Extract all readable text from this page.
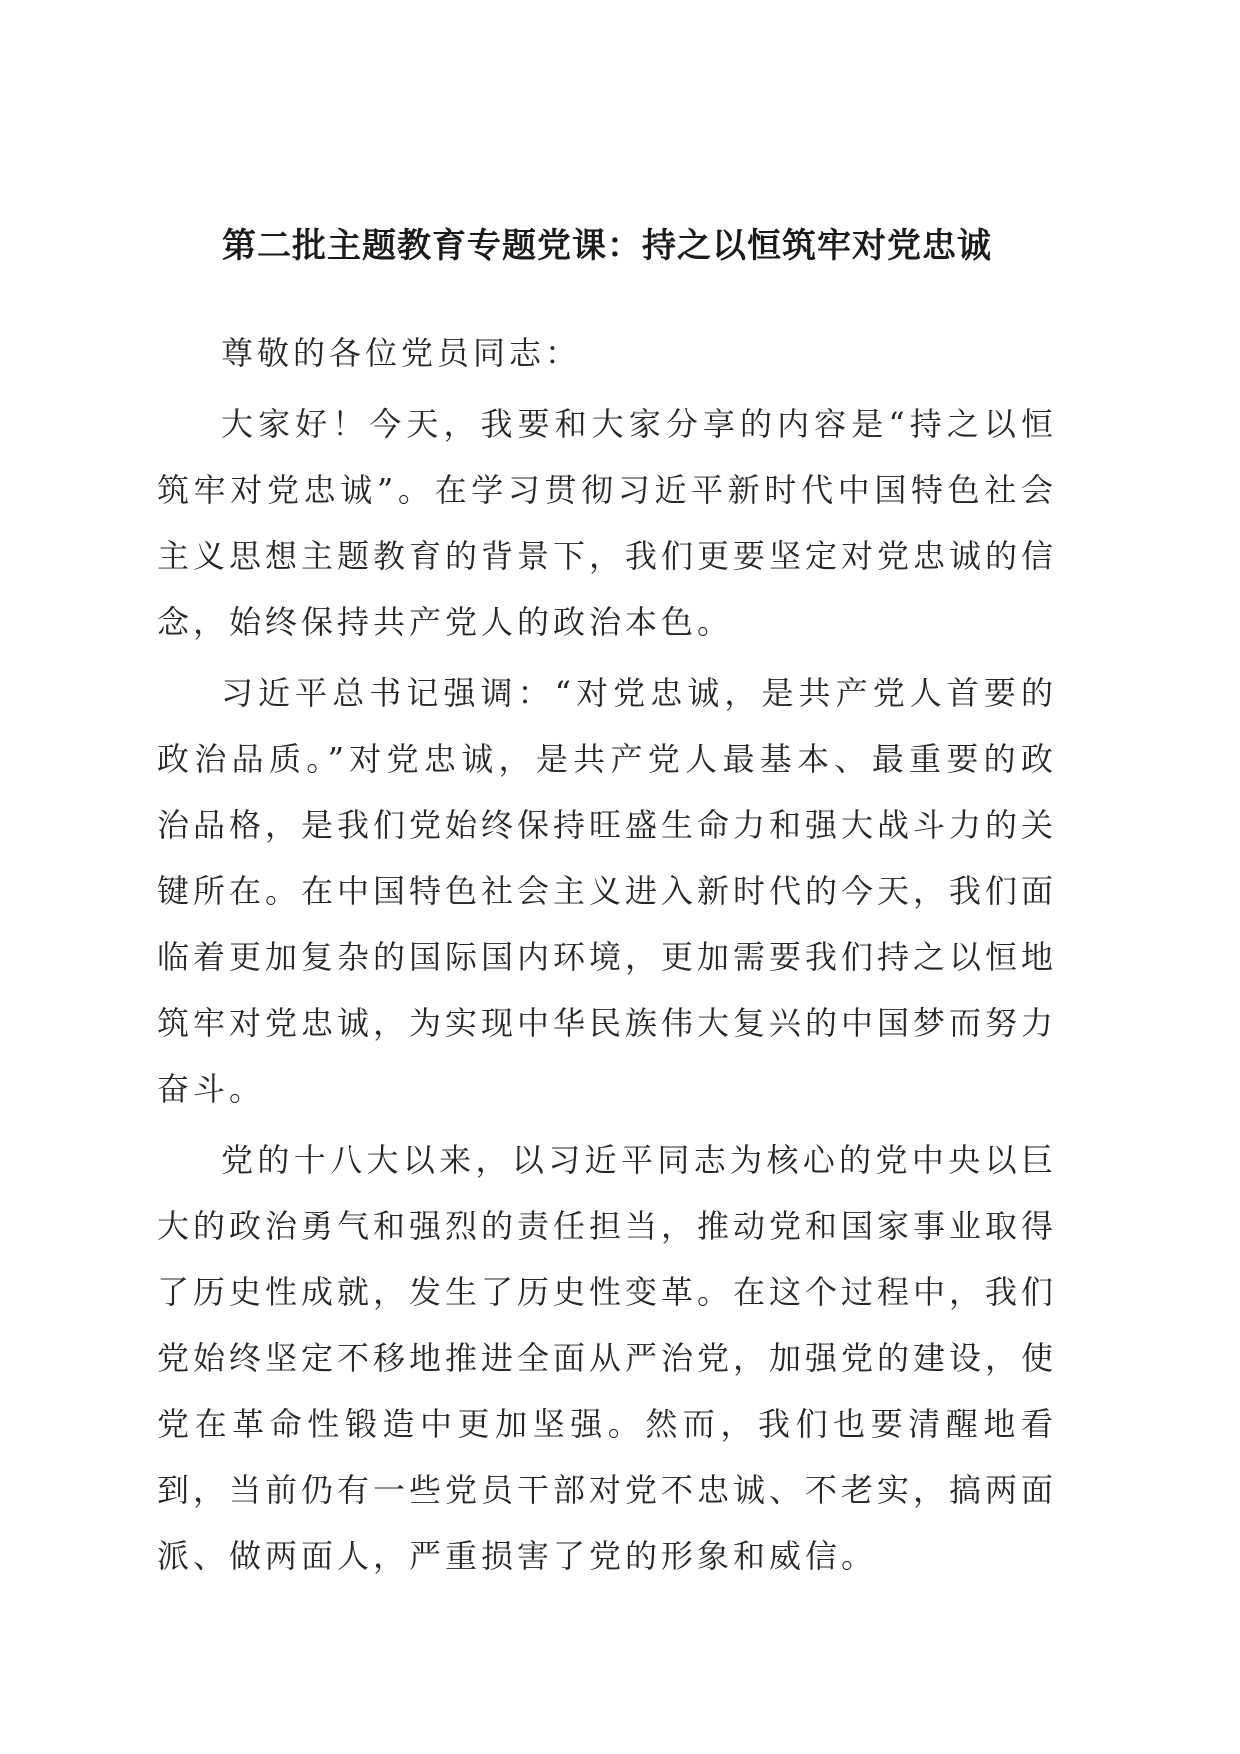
第二批主题教育专题党课：持之以恒筑牢对党忠诚

尊敬的各位党员同志：

大家好！今天，我要和大家分享的内容是“持之以恒筑牢对党忠诚”。在学习贯彻习近平新时代中国特色社会主义思想主题教育的背景下，我们更要坚定对党忠诚的信念，始终保持共产党人的政治本色。

习近平总书记强调：“对党忠诚，是共产党人首要的政治品质。”对党忠诚，是共产党人最基本、最重要的政治品格，是我们党始终保持旺盛生命力和强大战斗力的关键所在。在中国特色社会主义进入新时代的今天，我们面临着更加复杂的国际国内环境，更加需要我们持之以恒地筑牢对党忠诚，为实现中华民族伟大复兴的中国梦而努力奋斗。

党的十八大以来，以习近平同志为核心的党中央以巨大的政治勇气和强烈的责任担当，推动党和国家事业取得了历史性成就，发生了历史性变革。在这个过程中，我们党始终坚定不移地推进全面从严治党，加强党的建设，使党在革命性锻造中更加坚强。然而，我们也要清醒地看到，当前仍有一些党员干部对党不忠诚、不老实，搞两面派、做两面人，严重损害了党的形象和威信。
